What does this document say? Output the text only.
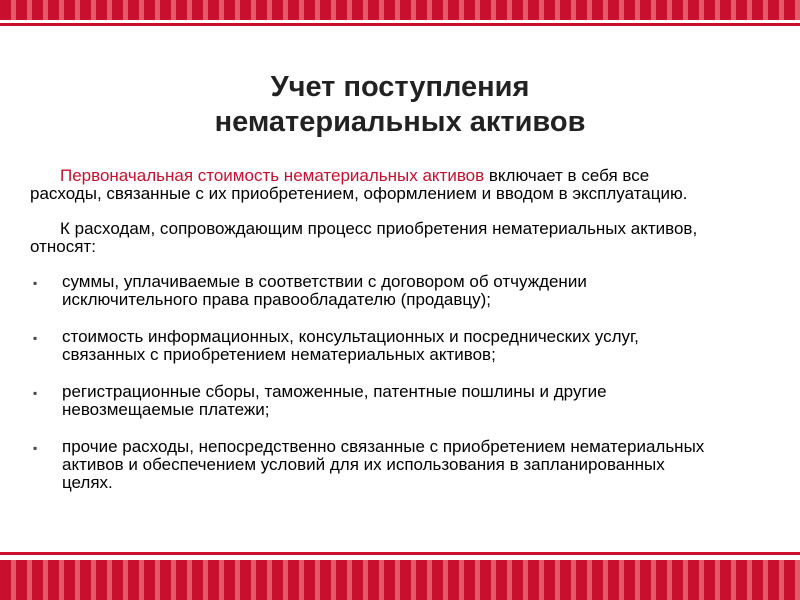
Учет поступления
нематериальных активов

Первоначальная стоимость нематериальных активов включает в себя все расходы, связанные с их приобретением, оформлением и вводом в эксплуатацию.

К расходам, сопровождающим процесс приобретения нематериальных активов, относят:

▪ суммы, уплачиваемые в соответствии с договором об отчуждении исключительного права правообладателю (продавцу);
▪ стоимость информационных, консультационных и посреднических услуг, связанных с приобретением нематериальных активов;
▪ регистрационные сборы, таможенные, патентные пошлины и другие невозмещаемые платежи;
▪ прочие расходы, непосредственно связанные с приобретением нематериальных активов и обеспечением условий для их использования в запланированных целях.
